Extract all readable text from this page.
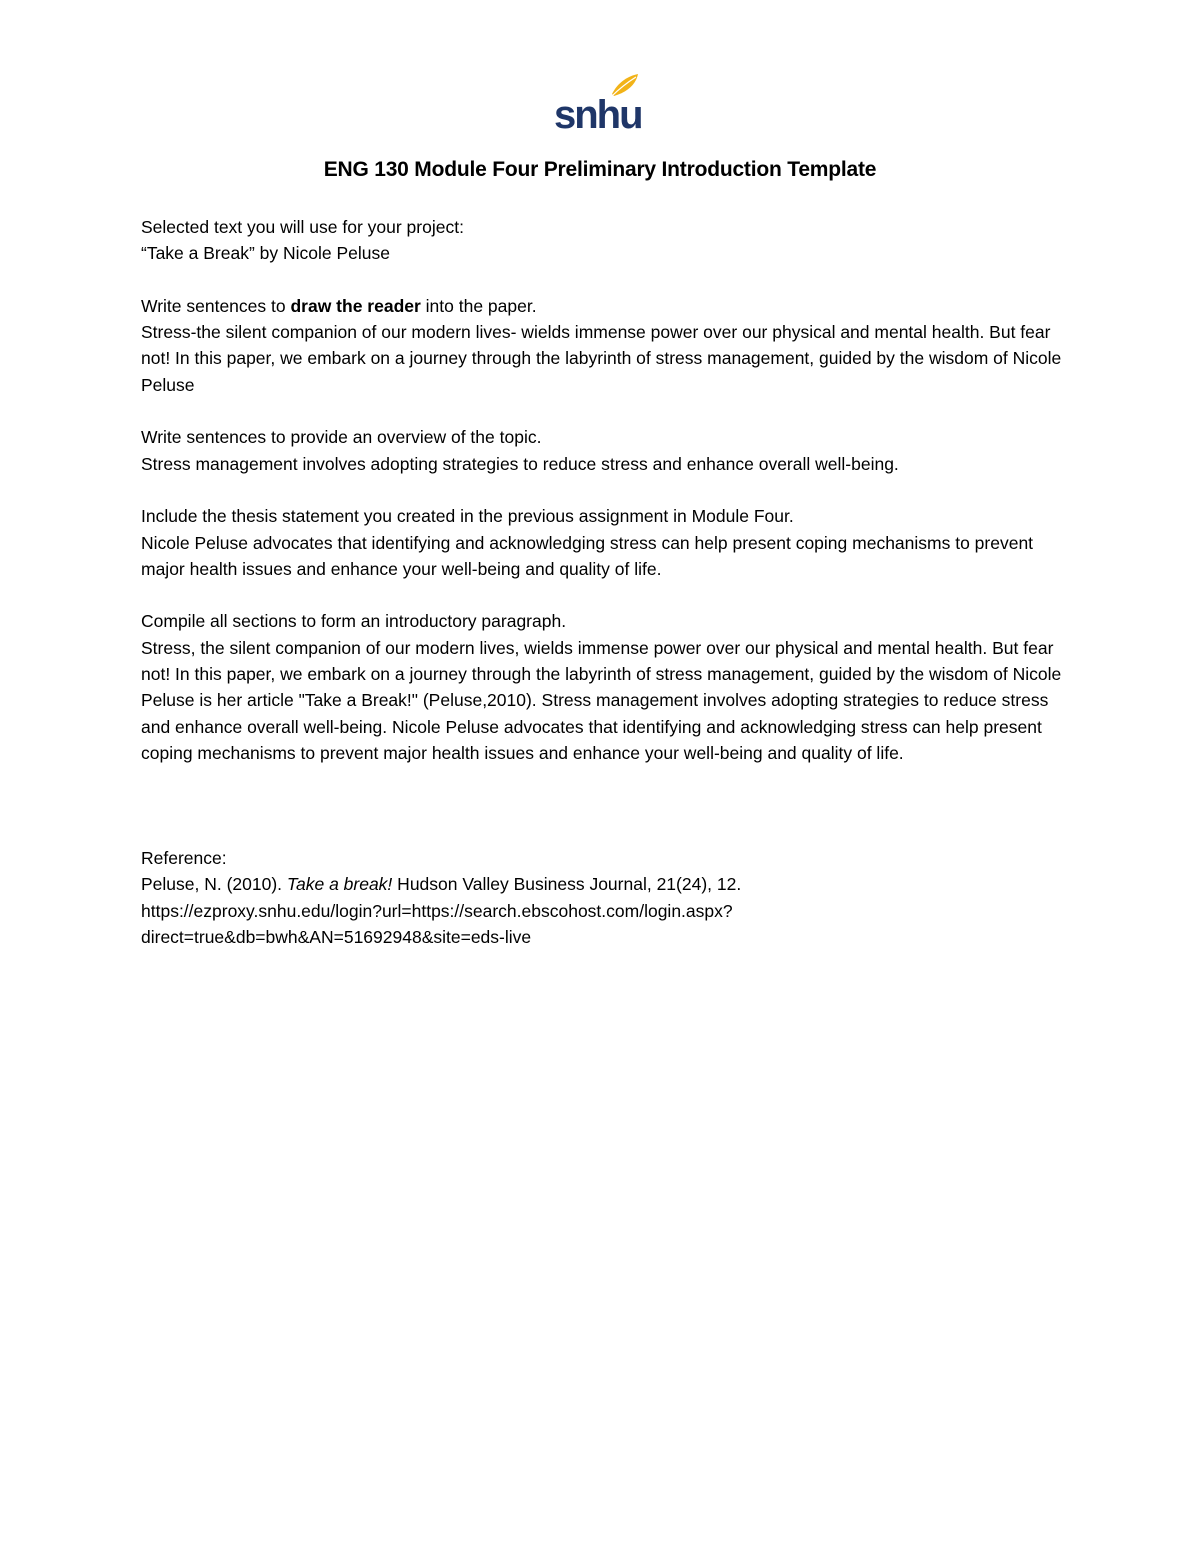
snhu
ENG 130 Module Four Preliminary Introduction Template

Selected text you will use for your project:

“Take a Break” by Nicole Peluse

Write sentences to draw the reader into the paper.

Stress-the silent companion of our modern lives- wields immense power over our physical and mental health. But fear not! In this paper, we embark on a journey through the labyrinth of stress management, guided by the wisdom of Nicole Peluse

Write sentences to provide an overview of the topic.

Stress management involves adopting strategies to reduce stress and enhance overall well-being.

Include the thesis statement you created in the previous assignment in Module Four.

Nicole Peluse advocates that identifying and acknowledging stress can help present coping mechanisms to prevent major health issues and enhance your well-being and quality of life.

Compile all sections to form an introductory paragraph.

Stress, the silent companion of our modern lives, wields immense power over our physical and mental health. But fear not! In this paper, we embark on a journey through the labyrinth of stress management, guided by the wisdom of Nicole Peluse is her article "Take a Break!" (Peluse,2010). Stress management involves adopting strategies to reduce stress and enhance overall well-being. Nicole Peluse advocates that identifying and acknowledging stress can help present coping mechanisms to prevent major health issues and enhance your well-being and quality of life.

Reference:

Peluse, N. (2010). Take a break! Hudson Valley Business Journal, 21(24), 12.

https://ezproxy.snhu.edu/login?url=https://search.ebscohost.com/login.aspx?

direct=true&db=bwh&AN=51692948&site=eds-live
